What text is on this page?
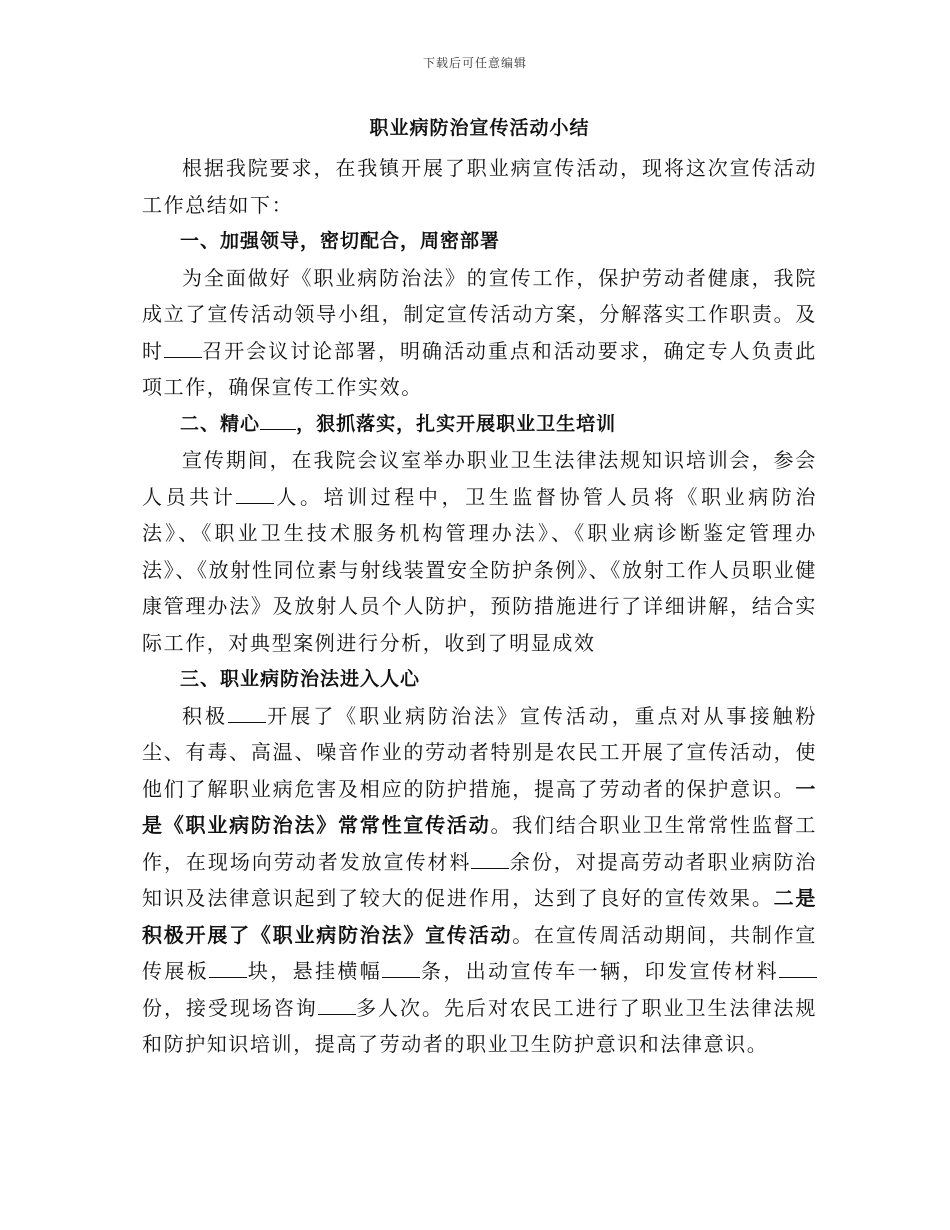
下载后可任意编辑
职业病防治宣传活动小结

根据我院要求，在我镇开展了职业病宣传活动，现将这次宣传活动工作总结如下：

一、加强领导，密切配合，周密部署

为全面做好《职业病防治法》的宣传工作，保护劳动者健康，我院成立了宣传活动领导小组，制定宣传活动方案，分解落实工作职责。及时 召开会议讨论部署，明确活动重点和活动要求，确定专人负责此项工作，确保宣传工作实效。

二、精心 ，狠抓落实，扎实开展职业卫生培训

宣传期间，在我院会议室举办职业卫生法律法规知识培训会，参会人员共计 人。培训过程中，卫生监督协管人员将《职业病防治法》、《职业卫生技术服务机构管理办法》、《职业病诊断鉴定管理办法》、《放射性同位素与射线装置安全防护条例》、《放射工作人员职业健康管理办法》及放射人员个人防护，预防措施进行了详细讲解，结合实际工作，对典型案例进行分析，收到了明显成效

三、职业病防治法进入人心

积极 开展了《职业病防治法》宣传活动，重点对从事接触粉尘、有毒、高温、噪音作业的劳动者特别是农民工开展了宣传活动，使他们了解职业病危害及相应的防护措施，提高了劳动者的保护意识。一是《职业病防治法》常常性宣传活动。我们结合职业卫生常常性监督工作，在现场向劳动者发放宣传材料 余份，对提高劳动者职业病防治知识及法律意识起到了较大的促进作用，达到了良好的宣传效果。二是积极开展了《职业病防治法》宣传活动。在宣传周活动期间，共制作宣传展板 块，悬挂横幅 条，出动宣传车一辆，印发宣传材料份，接受现场咨询 多人次。先后对农民工进行了职业卫生法律法规和防护知识培训，提高了劳动者的职业卫生防护意识和法律意识。
